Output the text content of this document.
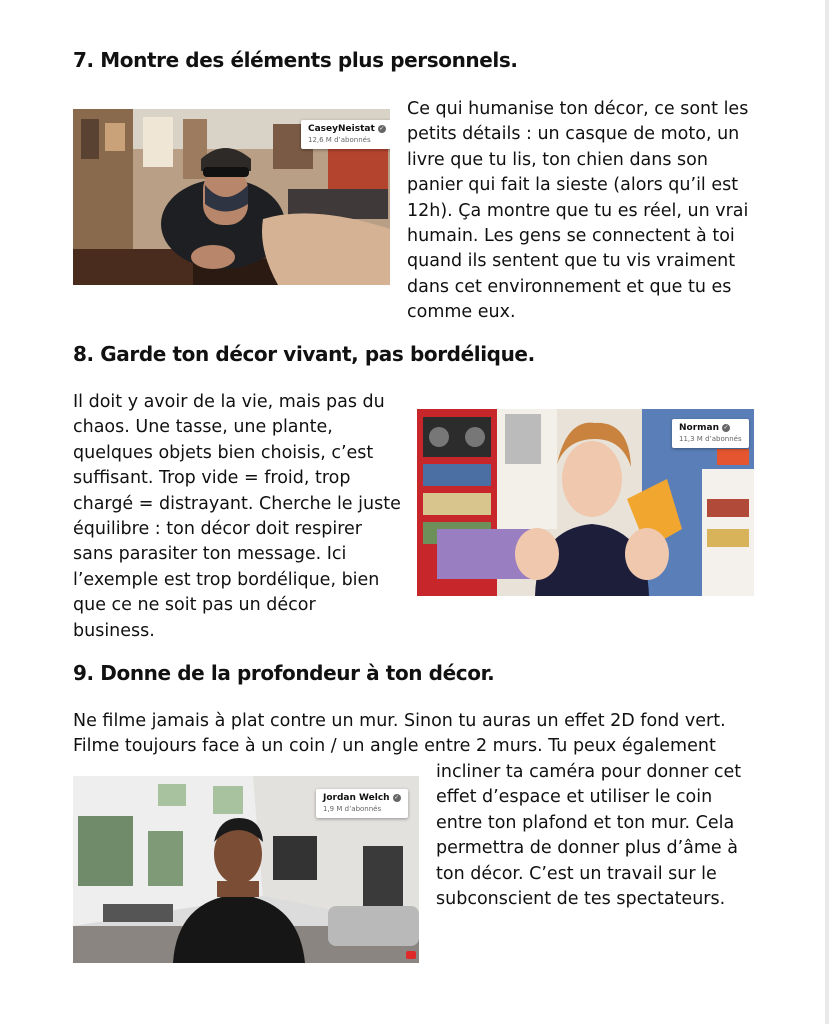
7. Montre des éléments plus personnels.
CaseyNeistat ✓
12,6 M d’abonnés

Ce qui humanise ton décor, ce sont les petits détails : un casque de moto, un livre que tu lis, ton chien dans son panier qui fait la sieste (alors qu’il est 12h). Ça montre que tu es réel, un vrai humain. Les gens se connectent à toi quand ils sentent que tu vis vraiment dans cet environnement et que tu es comme eux.

8. Garde ton décor vivant, pas bordélique.

Il doit y avoir de la vie, mais pas du chaos. Une tasse, une plante, quelques objets bien choisis, c’est suffisant. Trop vide = froid, trop chargé = distrayant. Cherche le juste équilibre : ton décor doit respirer sans parasiter ton message. Ici l’exemple est trop bordélique, bien que ce ne soit pas un décor business.

Norman ✓
11,3 M d’abonnés
9. Donne de la profondeur à ton décor.

Ne filme jamais à plat contre un mur. Sinon tu auras un effet 2D fond vert. Filme toujours face à un coin / un angle entre 2 murs. Tu peux également

Jordan Welch ✓
1,9 M d’abonnés

incliner ta caméra pour donner cet effet d’espace et utiliser le coin entre ton plafond et ton mur. Cela permettra de donner plus d’âme à ton décor. C’est un travail sur le subconscient de tes spectateurs.
